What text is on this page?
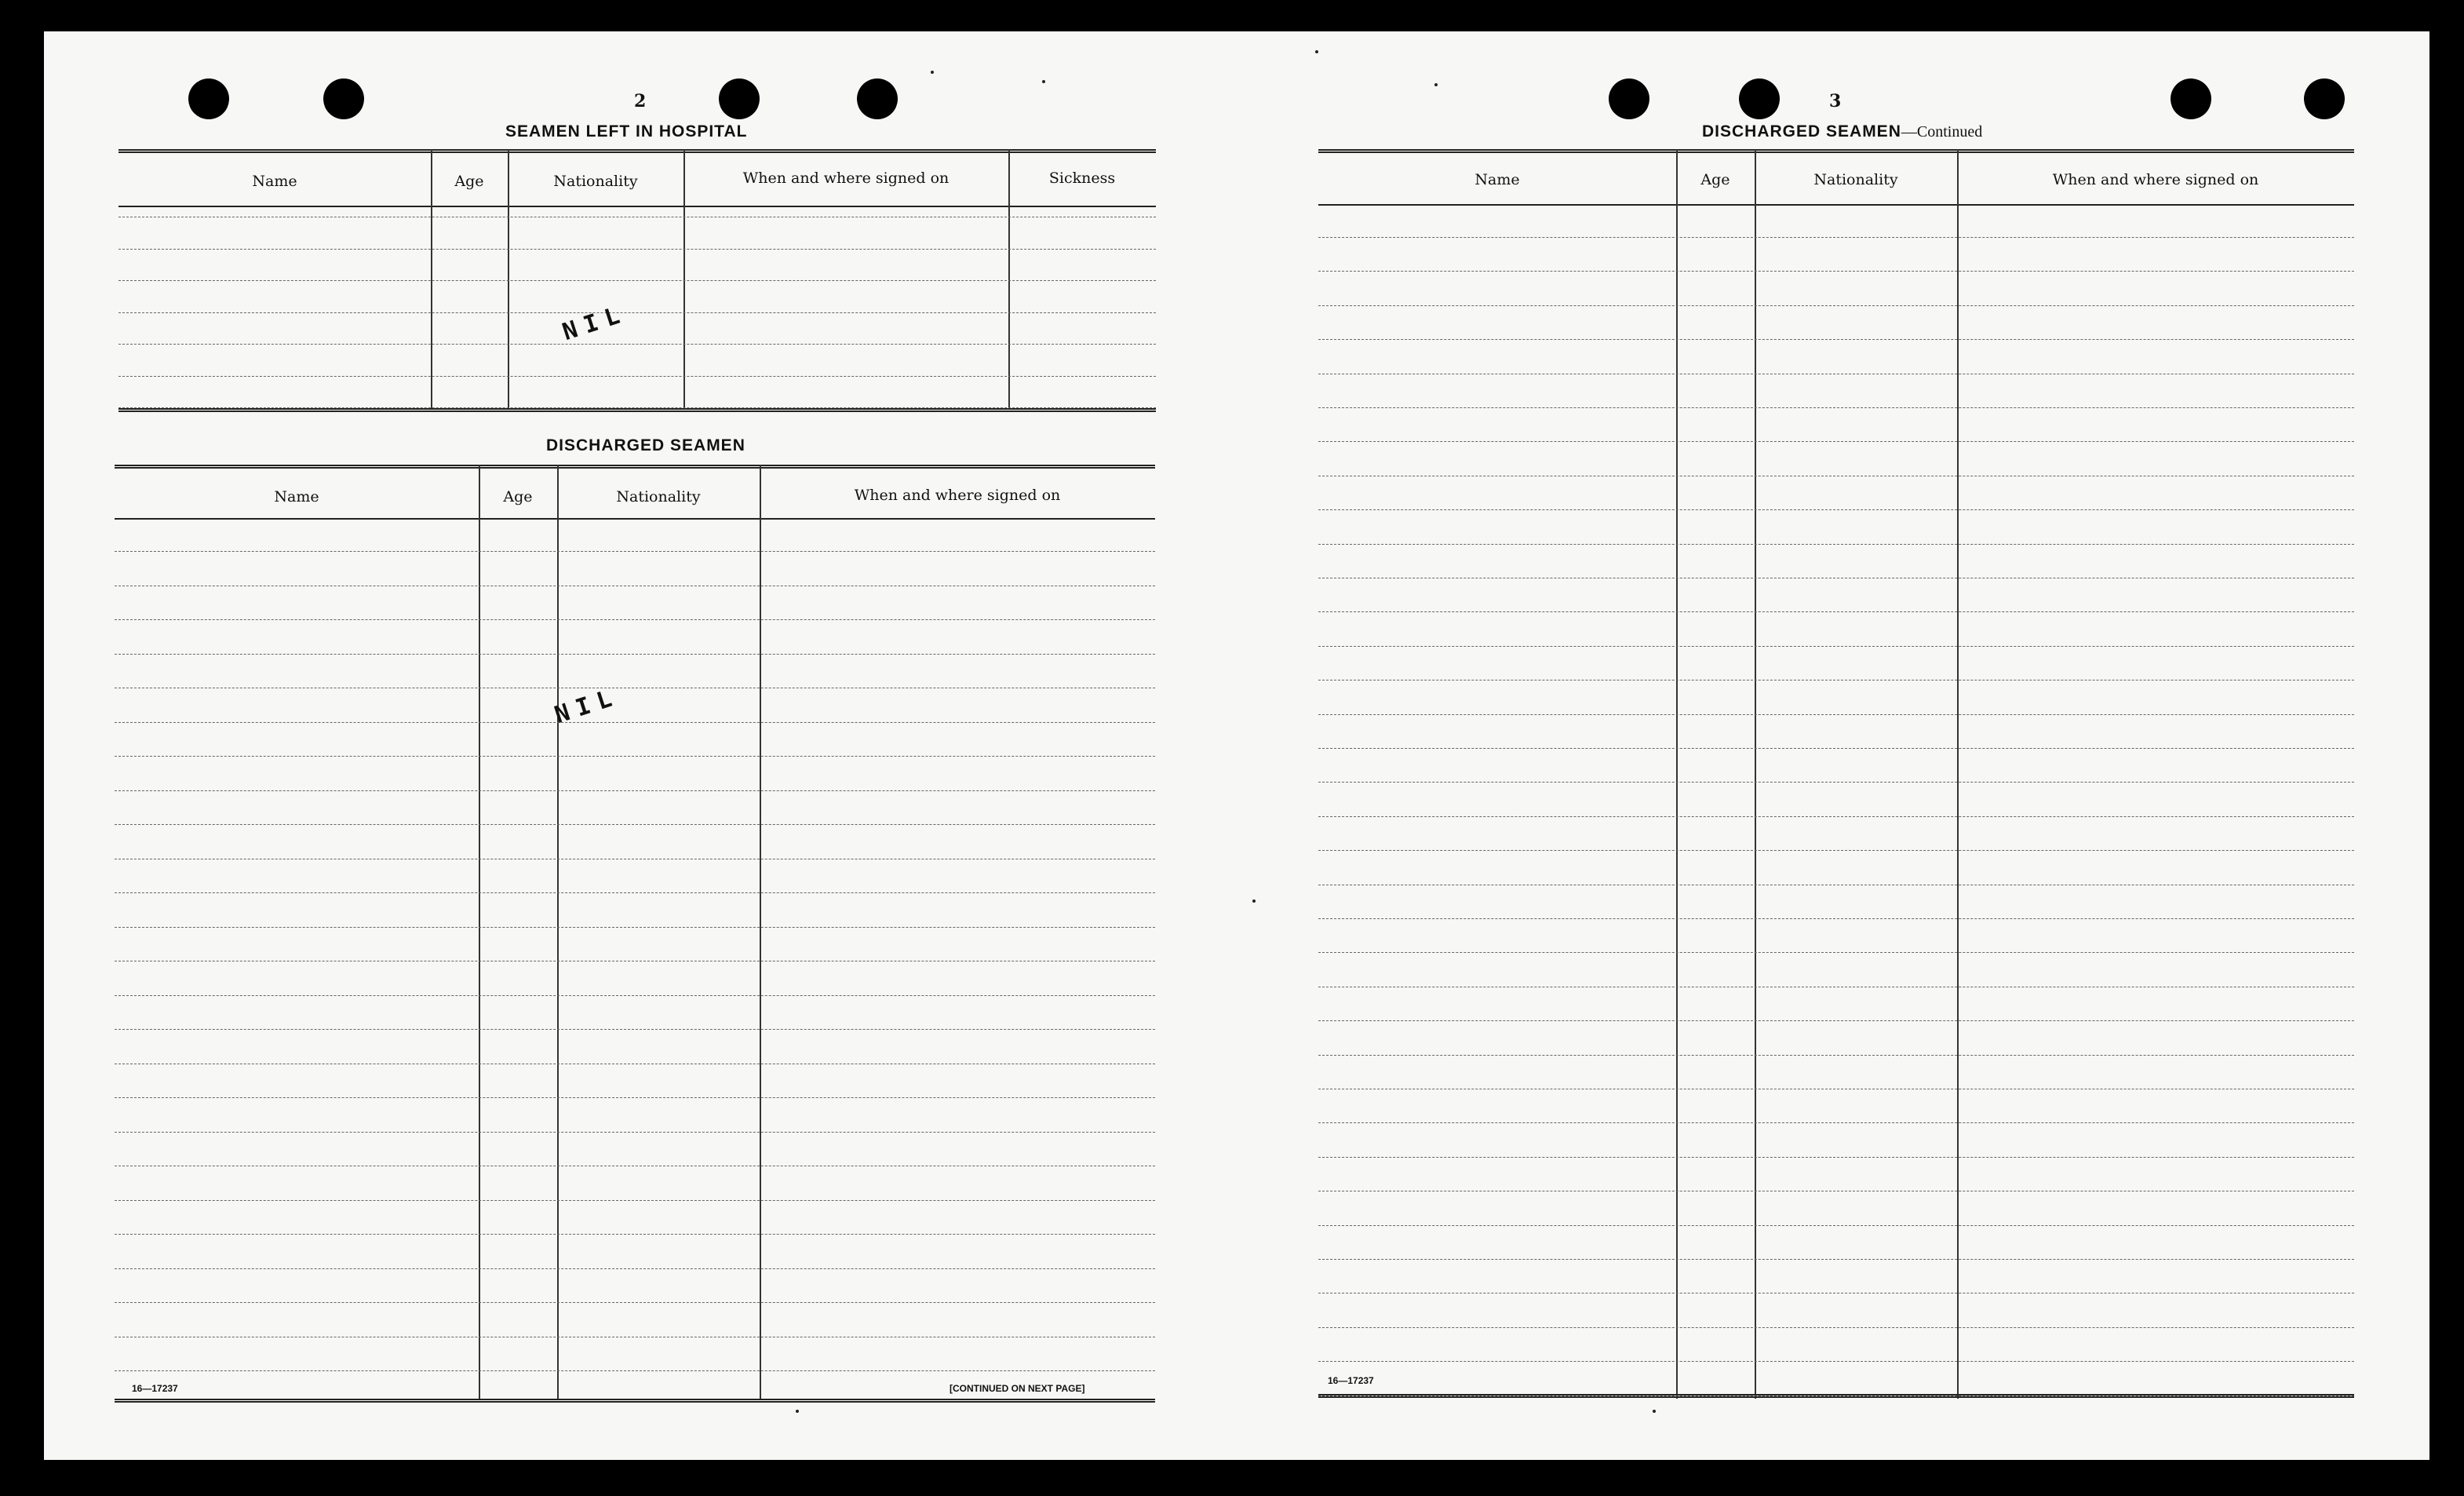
2
SEAMEN LEFT IN HOSPITAL
Name	Age	Nationality	When and where signed on	Sickness
NIL
DISCHARGED SEAMEN
Name	Age	Nationality	When and where signed on
NIL
16—17237	[CONTINUED ON NEXT PAGE]
3
DISCHARGED SEAMEN—Continued
Name	Age	Nationality	When and where signed on
16—17237
